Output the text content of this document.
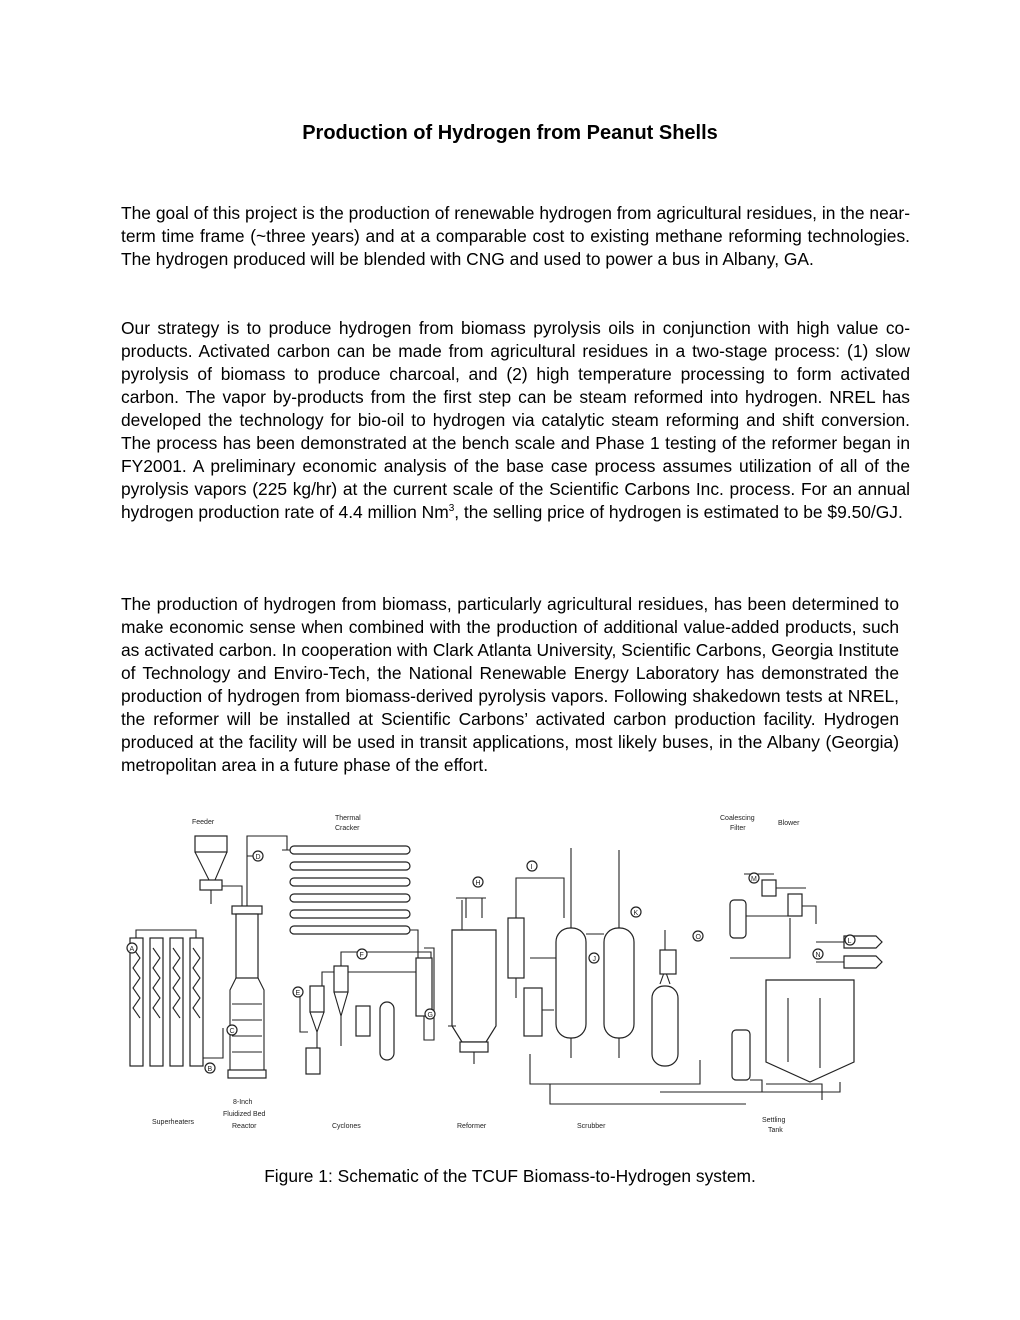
Production of Hydrogen from Peanut Shells

The goal of this project is the production of renewable hydrogen from agricultural residues, in the near-term time frame (~three years) and at a comparable cost to existing methane reforming technologies. The hydrogen produced will be blended with CNG and used to power a bus in Albany, GA.

Our strategy is to produce hydrogen from biomass pyrolysis oils in conjunction with high value co-products. Activated carbon can be made from agricultural residues in a two-stage process: (1) slow pyrolysis of biomass to produce charcoal, and (2) high temperature processing to form activated carbon. The vapor by-products from the first step can be steam reformed into hydrogen. NREL has developed the technology for bio-oil to hydrogen via catalytic steam reforming and shift conversion. The process has been demonstrated at the bench scale and Phase 1 testing of the reformer began in FY2001. A preliminary economic analysis of the base case process assumes utilization of all of the pyrolysis vapors (225 kg/hr) at the current scale of the Scientific Carbons Inc. process. For an annual hydrogen production rate of 4.4 million Nm$^3$, the selling price of hydrogen is estimated to be $9.50/GJ.

The production of hydrogen from biomass, particularly agricultural residues, has been determined to make economic sense when combined with the production of additional value-added products, such as activated carbon. In cooperation with Clark Atlanta University, Scientific Carbons, Georgia Institute of Technology and Enviro-Tech, the National Renewable Energy Laboratory has demonstrated the production of hydrogen from biomass-derived pyrolysis vapors. Following shakedown tests at NREL, the reformer will be installed at Scientific Carbons’ activated carbon production facility. Hydrogen produced at the facility will be used in transit applications, most likely buses, in the Albany (Georgia) metropolitan area in a future phase of the effort.

Feeder
Thermal
Cracker
Coalescing
Filter
Blower
Superheaters
8-Inch
Fluidized Bed
Reactor	Cyclones	Reformer	Scrubber
Settling
Tank
A
B
C
D
E
F
G
H
I
J
K
L
M
N
O
Figure 1: Schematic of the TCUF Biomass-to-Hydrogen system.
